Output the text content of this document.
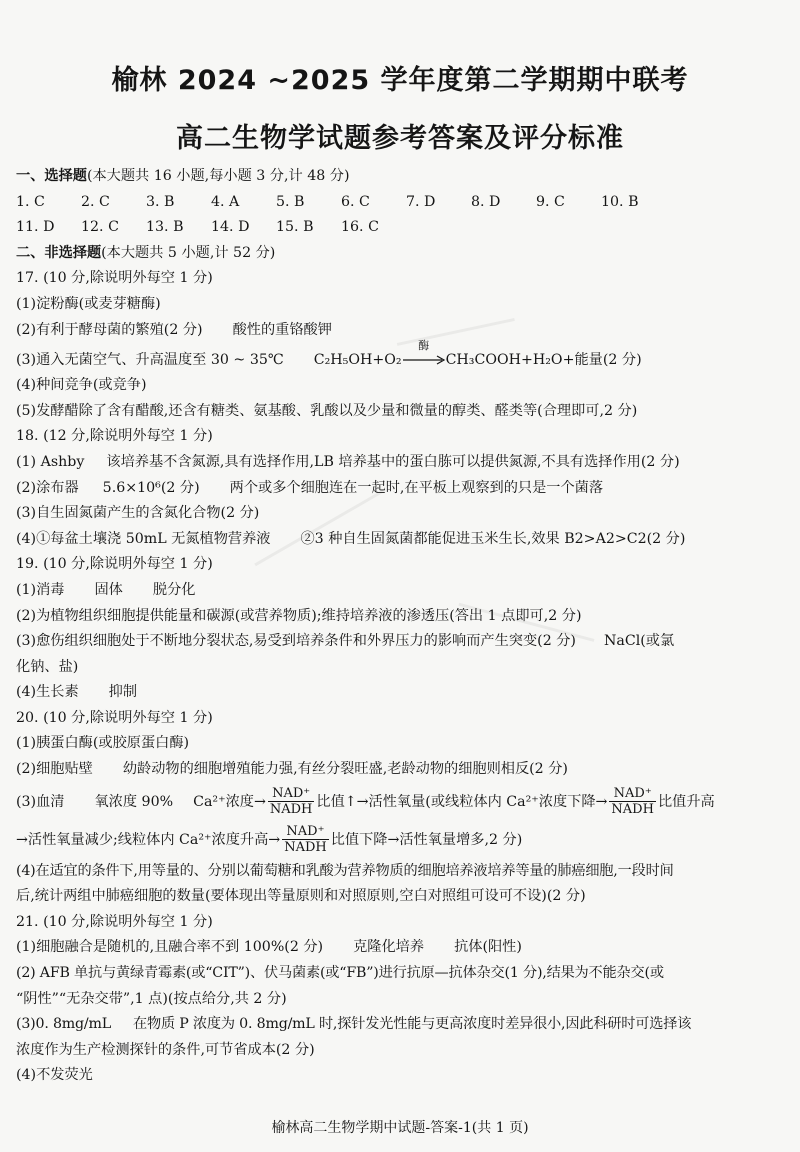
榆林 2024 ~2025 学年度第二学期期中联考
高二生物学试题参考答案及评分标准
一、选择题(本大题共 16 小题,每小题 3 分,计 48 分)
1. C	2. C	3. B	4. A	5. B	6. C	7. D	8. D	9. C	10. B
11. D 12. C 13. B 14. D 15. B 16. C
二、非选择题(本大题共 5 小题,计 52 分)
17. (10 分,除说明外每空 1 分)
(1)淀粉酶(或麦芽糖酶)
(2)有利于酵母菌的繁殖(2 分) 酸性的重铬酸钾
(3)通入无菌空气、升高温度至 30 ~ 35℃ C₂H₅OH+O₂
酶
CH₃COOH+H₂O+能量(2 分)
(4)种间竞争(或竞争)
(5)发酵醋除了含有醋酸,还含有糖类、氨基酸、乳酸以及少量和微量的醇类、醛类等(合理即可,2 分)
18. (12 分,除说明外每空 1 分)
(1) Ashby 该培养基不含氮源,具有选择作用,LB 培养基中的蛋白胨可以提供氮源,不具有选择作用(2 分)
(2)涂布器 5.6×10⁶(2 分) 两个或多个细胞连在一起时,在平板上观察到的只是一个菌落
(3)自生固氮菌产生的含氮化合物(2 分)
(4)①每盆土壤浇 50mL 无氮植物营养液 ②3 种自生固氮菌都能促进玉米生长,效果 B2>A2>C2(2 分)
19. (10 分,除说明外每空 1 分)
(1)消毒 固体 脱分化
(2)为植物组织细胞提供能量和碳源(或营养物质);维持培养液的渗透压(答出 1 点即可,2 分)
(3)愈伤组织细胞处于不断地分裂状态,易受到培养条件和外界压力的影响而产生突变(2 分) NaCl(或氯
化钠、盐)
(4)生长素 抑制
20. (10 分,除说明外每空 1 分)
(1)胰蛋白酶(或胶原蛋白酶)
(2)细胞贴壁 幼龄动物的细胞增殖能力强,有丝分裂旺盛,老龄动物的细胞则相反(2 分)
(3)血清 氧浓度 90% Ca²⁺浓度→ $\frac{\text{NAD⁺}}{\text{NADH}}$ 比值↑→活性氧量(或线粒体内 Ca²⁺浓度下降→ $\frac{\text{NAD⁺}}{\text{NADH}}$ 比值升高
→活性氧量减少;线粒体内 Ca²⁺浓度升高→ $\frac{\text{NAD⁺}}{\text{NADH}}$ 比值下降→活性氧量增多,2 分)
(4)在适宜的条件下,用等量的、分别以葡萄糖和乳酸为营养物质的细胞培养液培养等量的肺癌细胞,一段时间
后,统计两组中肺癌细胞的数量(要体现出等量原则和对照原则,空白对照组可设可不设)(2 分)
21. (10 分,除说明外每空 1 分)
(1)细胞融合是随机的,且融合率不到 100%(2 分) 克隆化培养 抗体(阳性)
(2) AFB 单抗与黄绿青霉素(或“CIT”)、伏马菌素(或“FB”)进行抗原—抗体杂交(1 分),结果为不能杂交(或
“阴性”“无杂交带”,1 点)(按点给分,共 2 分)
(3)0. 8mg/mL 在物质 P 浓度为 0. 8mg/mL 时,探针发光性能与更高浓度时差异很小,因此科研时可选择该
浓度作为生产检测探针的条件,可节省成本(2 分)
(4)不发荧光
榆林高二生物学期中试题-答案-1(共 1 页)
